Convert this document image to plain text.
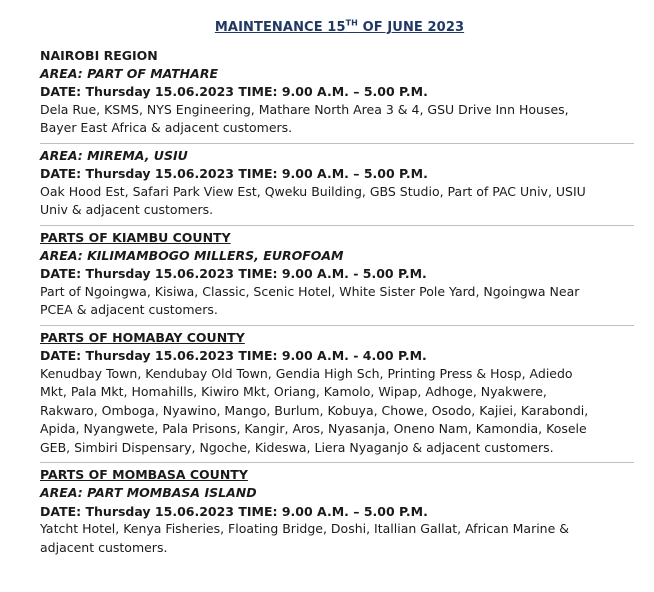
MAINTENANCE 15TH OF JUNE 2023
NAIROBI REGION
AREA: PART OF MATHARE
DATE: Thursday 15.06.2023 TIME: 9.00 A.M. – 5.00 P.M.
Dela Rue, KSMS, NYS Engineering, Mathare North Area 3 & 4, GSU Drive Inn Houses, Bayer East Africa & adjacent customers.
AREA: MIREMA, USIU
DATE: Thursday 15.06.2023 TIME: 9.00 A.M. – 5.00 P.M.
Oak Hood Est, Safari Park View Est, Qweku Building, GBS Studio, Part of PAC Univ, USIU Univ & adjacent customers.
PARTS OF KIAMBU COUNTY
AREA: KILIMAMBOGO MILLERS, EUROFOAM
DATE: Thursday 15.06.2023 TIME: 9.00 A.M. - 5.00 P.M.
Part of Ngoingwa, Kisiwa, Classic, Scenic Hotel, White Sister Pole Yard, Ngoingwa Near PCEA & adjacent customers.
PARTS OF HOMABAY COUNTY
DATE: Thursday 15.06.2023 TIME: 9.00 A.M. - 4.00 P.M.
Kenudbay Town, Kendubay Old Town, Gendia High Sch, Printing Press & Hosp, Adiedo Mkt, Pala Mkt, Homahills, Kiwiro Mkt, Oriang, Kamolo, Wipap, Adhoge, Nyakwere, Rakwaro, Omboga, Nyawino, Mango, Burlum, Kobuya, Chowe, Osodo, Kajiei, Karabondi, Apida, Nyangwete, Pala Prisons, Kangir, Aros, Nyasanja, Oneno Nam, Kamondia, Kosele GEB, Simbiri Dispensary, Ngoche, Kideswa, Liera Nyaganjo & adjacent customers.
PARTS OF MOMBASA COUNTY
AREA: PART MOMBASA ISLAND
DATE: Thursday 15.06.2023 TIME: 9.00 A.M. – 5.00 P.M.
Yatcht Hotel, Kenya Fisheries, Floating Bridge, Doshi, Itallian Gallat, African Marine & adjacent customers.
